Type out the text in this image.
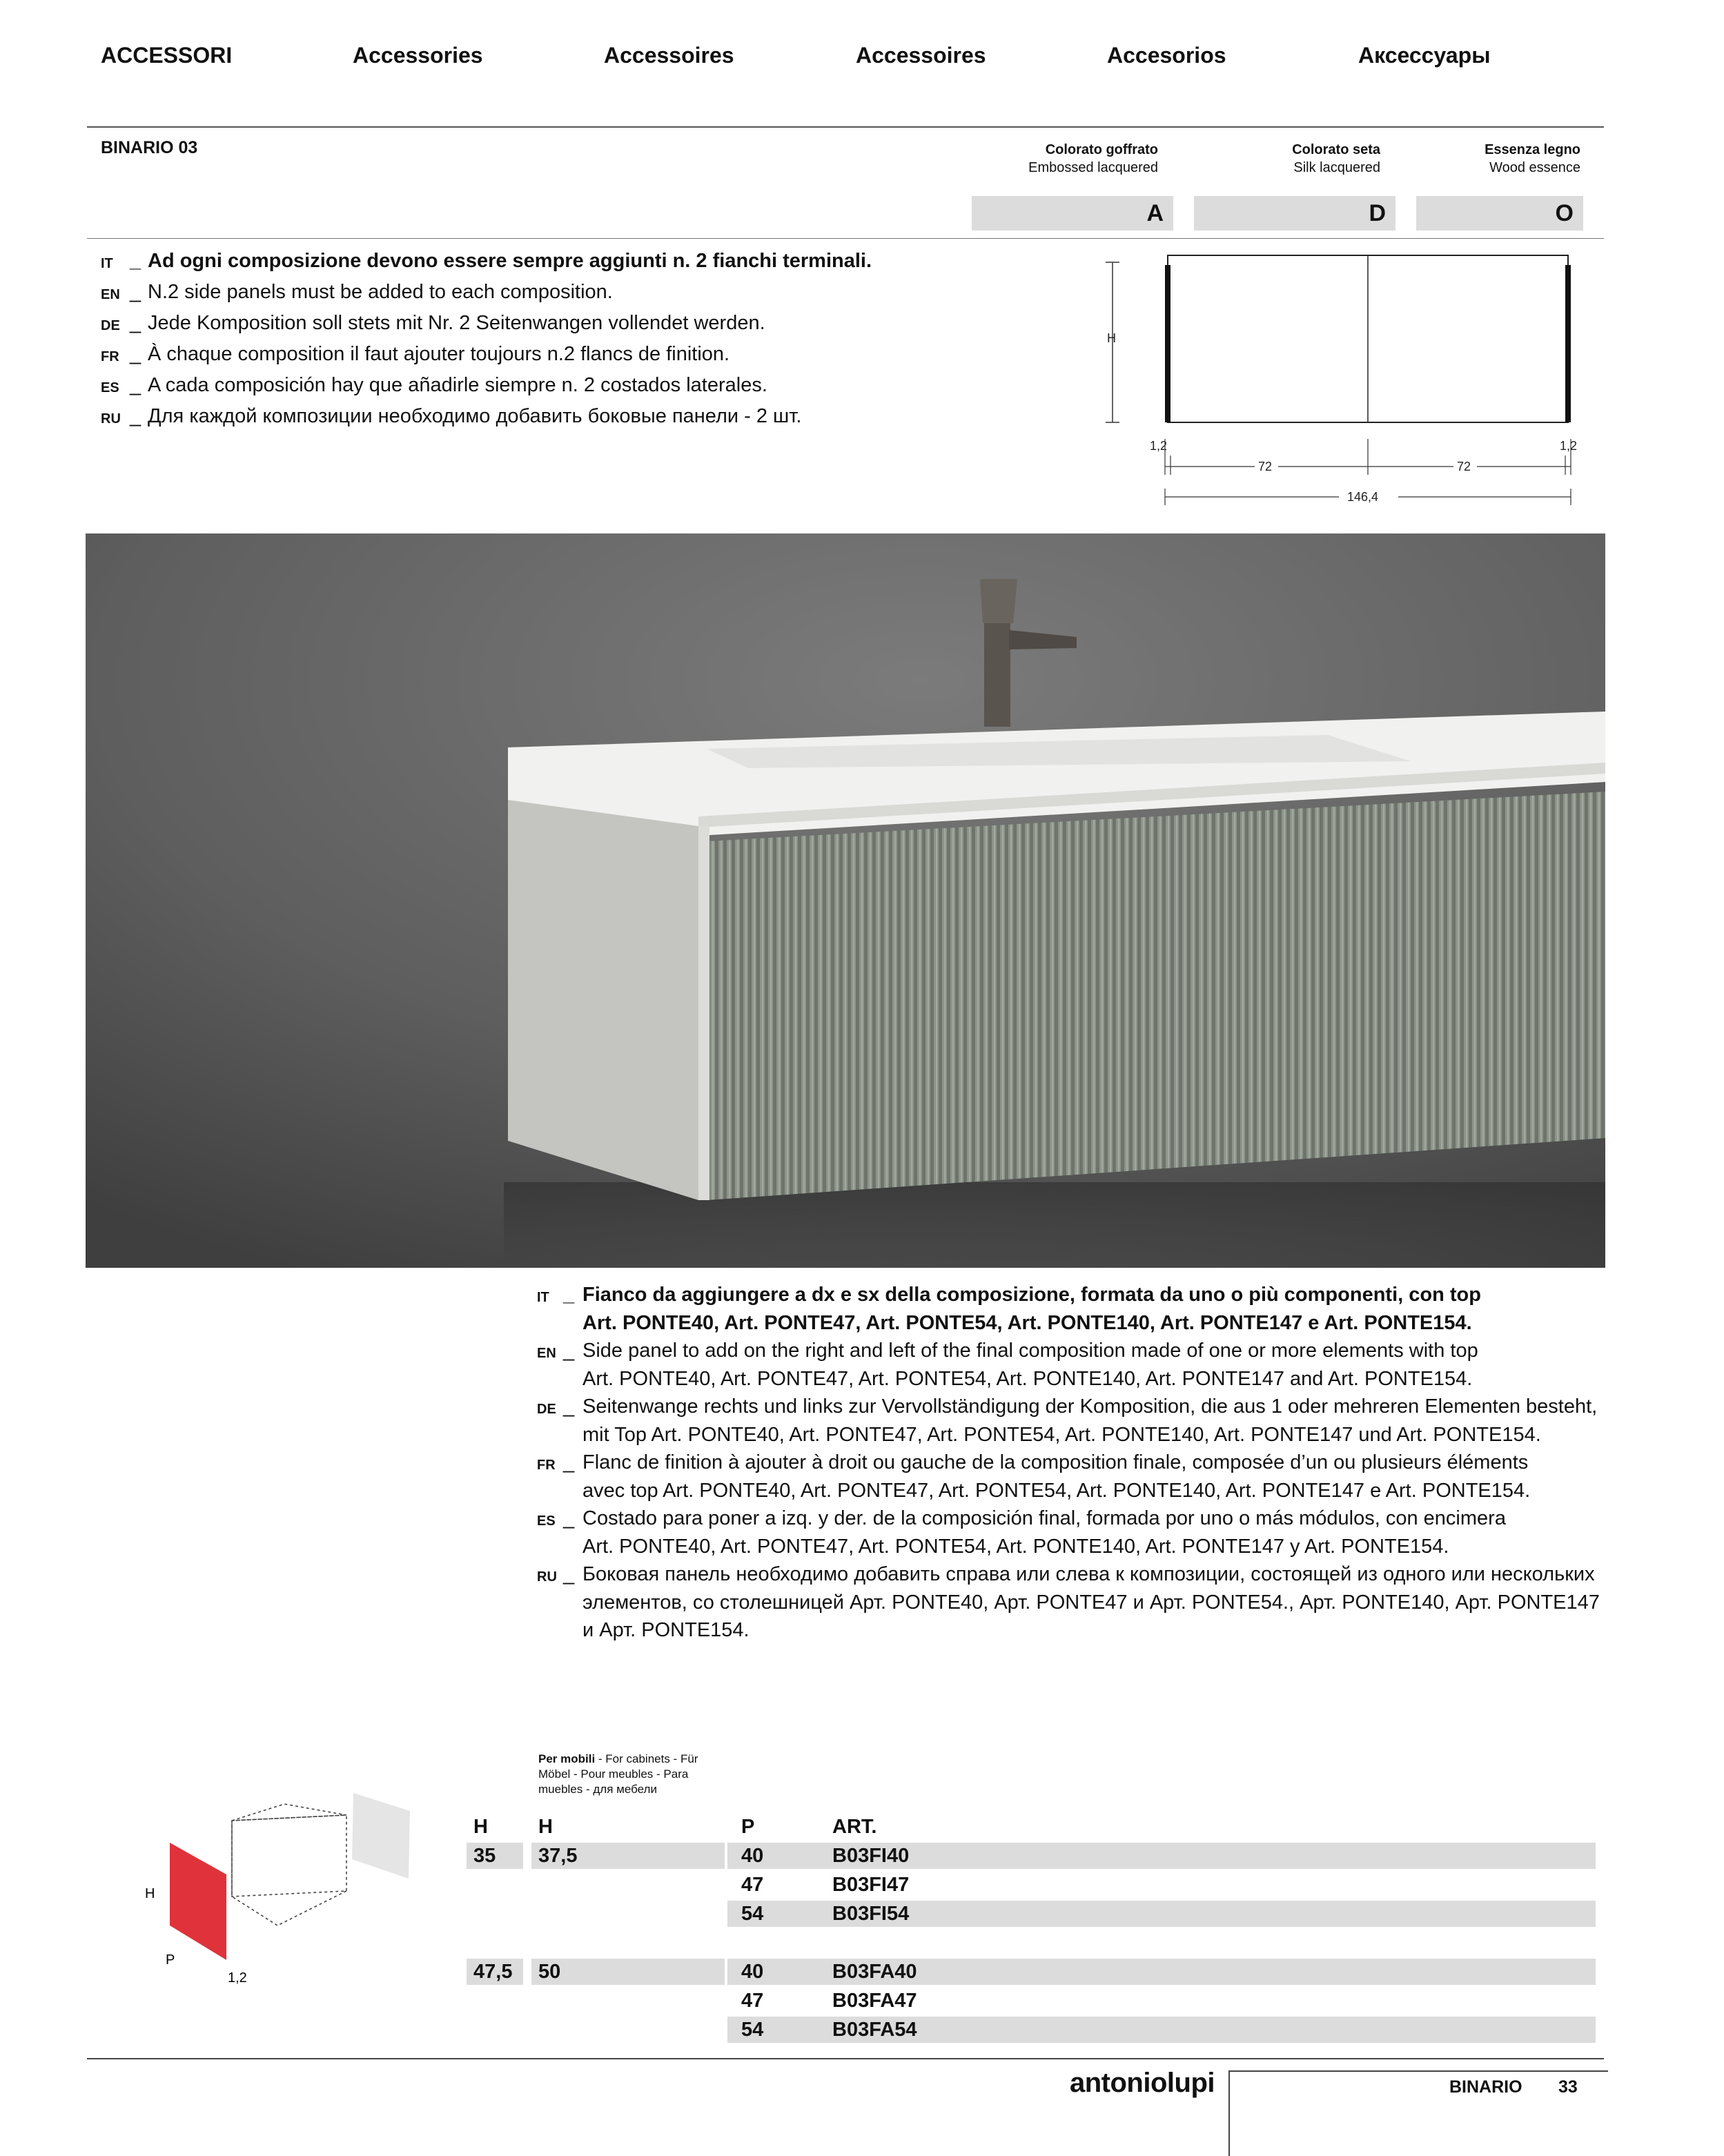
ACCESSORI	Accessories	Accessoires	Accessoires	Accesorios	Аксессуары
BINARIO 03	Colorato goffrato
Embossed lacquered
Colorato seta
Silk lacquered
Essenza legno
Wood essence
A	D	O
IT _ Ad ogni composizione devono essere sempre aggiunti n. 2 fianchi terminali.
EN _ N.2 side panels must be added to each composition.
DE _ Jede Komposition soll stets mit Nr. 2 Seitenwangen vollendet werden.
FR _ À chaque composition il faut ajouter toujours n.2 flancs de finition.
ES _ A cada composición hay que añadirle siempre n. 2 costados laterales.
RU _ Для каждой композиции необходимо добавить боковые панели - 2 шт.
H
1,2	1,2
72	72
146,4
IT _ Fianco da aggiungere a dx e sx della composizione, formata da uno o più componenti, con top
Art. PONTE40, Art. PONTE47, Art. PONTE54, Art. PONTE140, Art. PONTE147 e Art. PONTE154.
EN _ Side panel to add on the right and left of the final composition made of one or more elements with top
Art. PONTE40, Art. PONTE47, Art. PONTE54, Art. PONTE140, Art. PONTE147 and Art. PONTE154.
DE _ Seitenwange rechts und links zur Vervollständigung der Komposition, die aus 1 oder mehreren Elementen besteht,
mit Top Art. PONTE40, Art. PONTE47, Art. PONTE54, Art. PONTE140, Art. PONTE147 und Art. PONTE154.
FR _ Flanc de finition à ajouter à droit ou gauche de la composition finale, composée d’un ou plusieurs éléments
avec top Art. PONTE40, Art. PONTE47, Art. PONTE54, Art. PONTE140, Art. PONTE147 e Art. PONTE154.
ES _ Costado para poner a izq. y der. de la composición final, formada por uno o más módulos, con encimera
Art. PONTE40, Art. PONTE47, Art. PONTE54, Art. PONTE140, Art. PONTE147 y Art. PONTE154.
RU _ Боковая панель необходимо добавить справа или слева к композиции, состоящей из одного или нескольких
элементов, со столешницей Арт. PONTE40, Арт. PONTE47 и Арт. PONTE54., Арт. PONTE140, Арт. PONTE147
и Арт. PONTE154.
Per mobili - For cabinets - Für Möbel - Pour meubles - Para muebles - для мебели
H
P
1,2
H	H	P	ART.
35	37,5	40	B03FI40
47	B03FI47
54	B03FI54
47,5	50	40	B03FA40
47	B03FA47
54	B03FA54
antoniolupi	BINARIO 33
